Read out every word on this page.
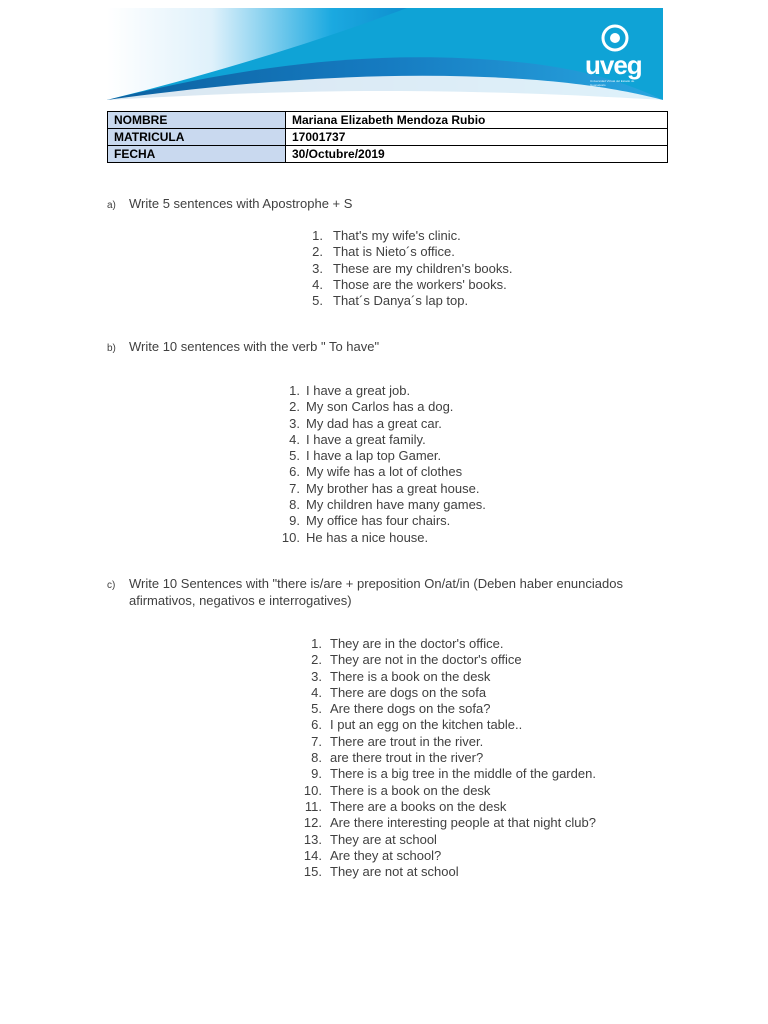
uveg
Universidad Virtual del Estado de Guanajuato
NOMBRE	Mariana Elizabeth Mendoza Rubio
MATRICULA	17001737
FECHA	30/Octubre/2019
a) Write 5 sentences with Apostrophe + S
1. That's my wife's clinic.
2. That is Nieto´s office.
3. These are my children's books.
4. Those are the workers' books.
5. That´s Danya´s lap top.
b) Write 10 sentences with the verb " To have"
1. I have a great job.
2. My son Carlos has a dog.
3. My dad has a great car.
4. I have a great family.
5. I have a lap top Gamer.
6. My wife has a lot of clothes
7. My brother has a great house.
8. My children have many games.
9. My office has four chairs.
10. He has a nice house.
c) Write 10 Sentences with "there is/are + preposition On/at/in (Deben haber enunciados
afirmativos, negativos e interrogatives)
1. They are in the doctor's office.
2. They are not in the doctor's office
3. There is a book on the desk
4. There are dogs on the sofa
5. Are there dogs on the sofa?
6. I put an egg on the kitchen table..
7. There are trout in the river.
8. are there trout in the river?
9. There is a big tree in the middle of the garden.
10. There is a book on the desk
11. There are a books on the desk
12. Are there interesting people at that night club?
13. They are at school
14. Are they at school?
15. They are not at school
